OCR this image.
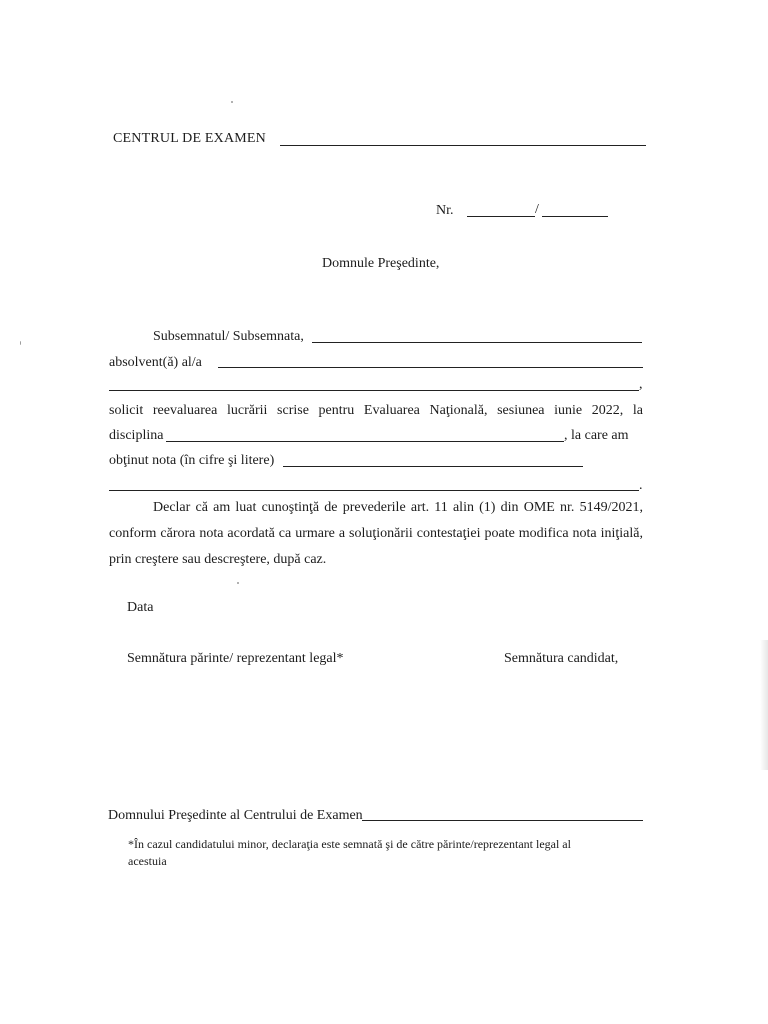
CENTRUL DE EXAMEN
Nr.	/
Domnule Preşedinte,
Subsemnatul/ Subsemnata,
absolvent(ă) al/a
,
solicit reevaluarea lucrării scrise pentru Evaluarea Naţională, sesiunea iunie 2022, la
disciplina	, la care am
obţinut nota (în cifre şi litere)
.
Declar că am luat cunoştinţă de prevederile art. 11 alin (1) din OME nr. 5149/2021,
conform cărora nota acordată ca urmare a soluţionării contestaţiei poate modifica nota iniţială,
prin creştere sau descreştere, după caz.
Data
Semnătura părinte/ reprezentant legal*	Semnătura candidat,
Domnului Preşedinte al Centrului de Examen
*În cazul candidatului minor, declaraţia este semnată şi de către părinte/reprezentant legal al
acestuia
